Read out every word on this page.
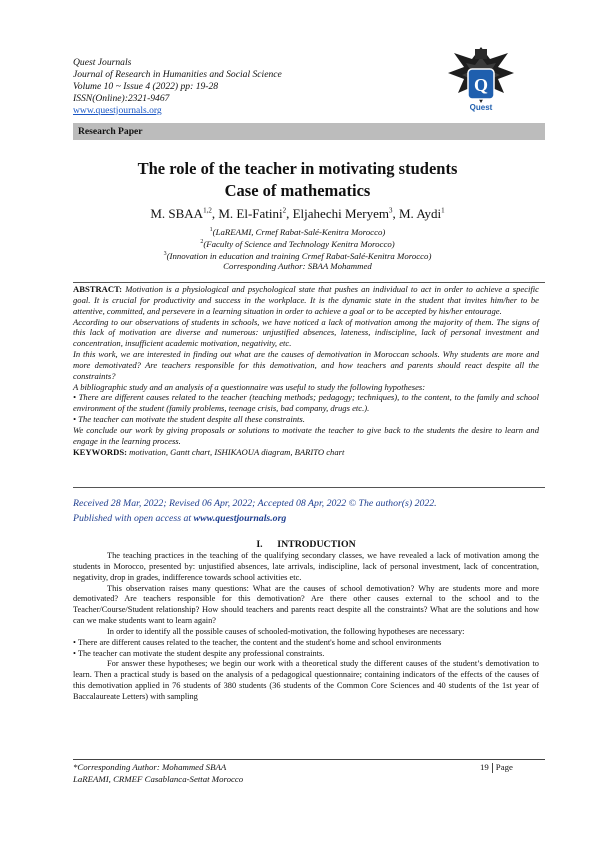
Quest Journals
Journal of Research in Humanities and Social Science
Volume 10 ~ Issue 4 (2022) pp: 19-28
ISSN(Online):2321-9467
www.questjournals.org
Q
Quest
Research Paper
The role of the teacher in motivating students
Case of mathematics
M. SBAA$^{1,2}$, M. El-Fatini$^2$, Eljahechi Meryem$^3$, M. Aydi$^1$
$^1$(LaREAMI, Crmef Rabat-Salé-Kenitra Morocco)
$^2$(Faculty of Science and Technology Kenitra Morocco)
$^3$(Innovation in education and training Crmef Rabat-Salé-Kenitra Morocco)
Corresponding Author: SBAA Mohammed

ABSTRACT: Motivation is a physiological and psychological state that pushes an individual to act in order to achieve a specific goal. It is crucial for productivity and success in the workplace. It is the dynamic state in the student that invites him/her to be attentive, committed, and persevere in a learning situation in order to achieve a goal or to be accepted by his/her entourage.

According to our observations of students in schools, we have noticed a lack of motivation among the majority of them. The signs of this lack of motivation are diverse and numerous: unjustified absences, lateness, indiscipline, lack of personal investment and concentration, insufficient academic motivation, negativity, etc.

In this work, we are interested in finding out what are the causes of demotivation in Moroccan schools. Why students are more and more demotivated? Are teachers responsible for this demotivation, and how teachers and parents should react despite all the constraints?

A bibliographic study and an analysis of a questionnaire was useful to study the following hypotheses:

• There are different causes related to the teacher (teaching methods; pedagogy; techniques), to the content, to the family and school environment of the student (family problems, teenage crisis, bad company, drugs etc.).

• The teacher can motivate the student despite all these constraints.

We conclude our work by giving proposals or solutions to motivate the teacher to give back to the students the desire to learn and engage in the learning process.

KEYWORDS: motivation, Gantt chart, ISHIKAOUA diagram, BARITO chart

Received 28 Mar, 2022; Revised 06 Apr, 2022; Accepted 08 Apr, 2022 © The author(s) 2022.
Published with open access at www.questjournals.org
I.      INTRODUCTION

The teaching practices in the teaching of the qualifying secondary classes, we have revealed a lack of motivation among the students in Morocco, presented by: unjustified absences, late arrivals, indiscipline, lack of personal investment, lack of concentration, negativity, drop in grades, indifference towards school activities etc.

This observation raises many questions: What are the causes of school demotivation? Why are students more and more demotivated? Are teachers responsible for this demotivation? Are there other causes external to the school and to the Teacher/Course/Student relationship? How should teachers and parents react despite all the constraints? What are the solutions and how can we make students want to learn again?

In order to identify all the possible causes of schooled-motivation, the following hypotheses are necessary:

• There are different causes related to the teacher, the content and the student's home and school environments

• The teacher can motivate the student despite any professional constraints.

For answer these hypotheses; we begin our work with a theoretical study the different causes of the student’s demotivation to learn. Then a practical study is based on the analysis of a pedagogical questionnaire; containing indicators of the effects of the causes of this demotivation applied in 76 students of 380 students (36 students of the Common Core Sciences and 40 students of the 1st year of Baccalaureate Letters) with sampling

*Corresponding Author: Mohammed SBAA
LaREAMI, CRMEF Casablanca-Settat Morocco
19 Page
